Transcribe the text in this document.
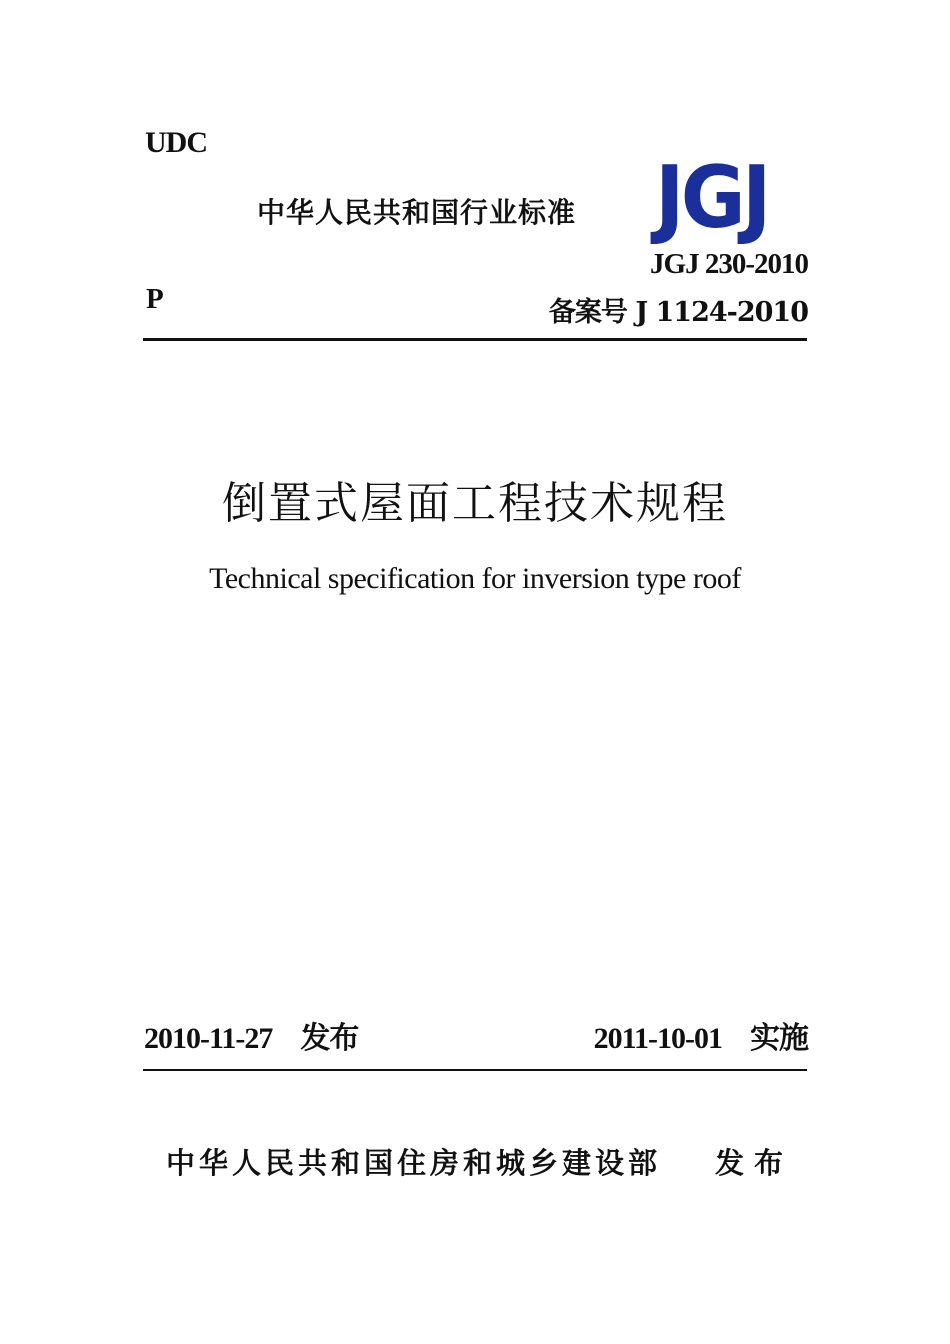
UDC
中华人民共和国行业标准 JGJ
JGJ 230-2010
P	备案号 J 1124-2010
倒置式屋面工程技术规程
Technical specification for inversion type roof
2010-11-27 发布	2011-10-01 实施
中华人民共和国住房和城乡建设部 发布
